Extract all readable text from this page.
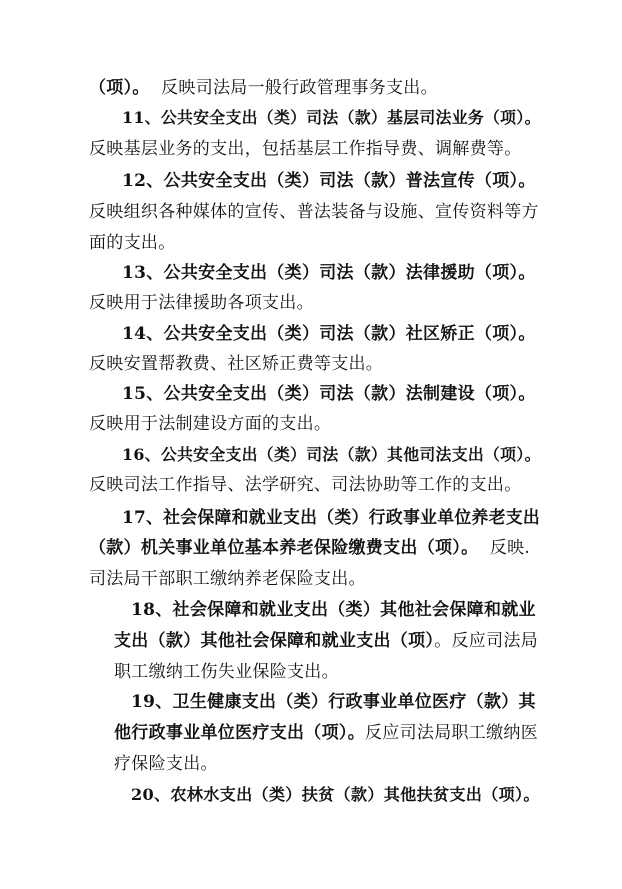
（项）。  反映司法局一般行政管理事务支出。
11、公共安全支出（类）司法（款）基层司法业务（项）。
反映基层业务的支出，包括基层工作指导费、调解费等。
12、公共安全支出（类）司法（款）普法宣传（项）。
反映组织各种媒体的宣传、普法装备与设施、宣传资料等方
面的支出。
13、公共安全支出（类）司法（款）法律援助（项）。
反映用于法律援助各项支出。
14、公共安全支出（类）司法（款）社区矫正（项）。
反映安置帮教费、社区矫正费等支出。
15、公共安全支出（类）司法（款）法制建设（项）。
反映用于法制建设方面的支出。
16、公共安全支出（类）司法（款）其他司法支出（项）。
反映司法工作指导、法学研究、司法协助等工作的支出。
17、社会保障和就业支出（类）行政事业单位养老支出
（款）机关事业单位基本养老保险缴费支出（项）。  反映.
司法局干部职工缴纳养老保险支出。
18、社会保障和就业支出（类）其他社会保障和就业
支出（款）其他社会保障和就业支出（项）。反应司法局
职工缴纳工伤失业保险支出。
19、卫生健康支出（类）行政事业单位医疗（款）其
他行政事业单位医疗支出（项）。反应司法局职工缴纳医
疗保险支出。
20、农林水支出（类）扶贫（款）其他扶贫支出（项）。
